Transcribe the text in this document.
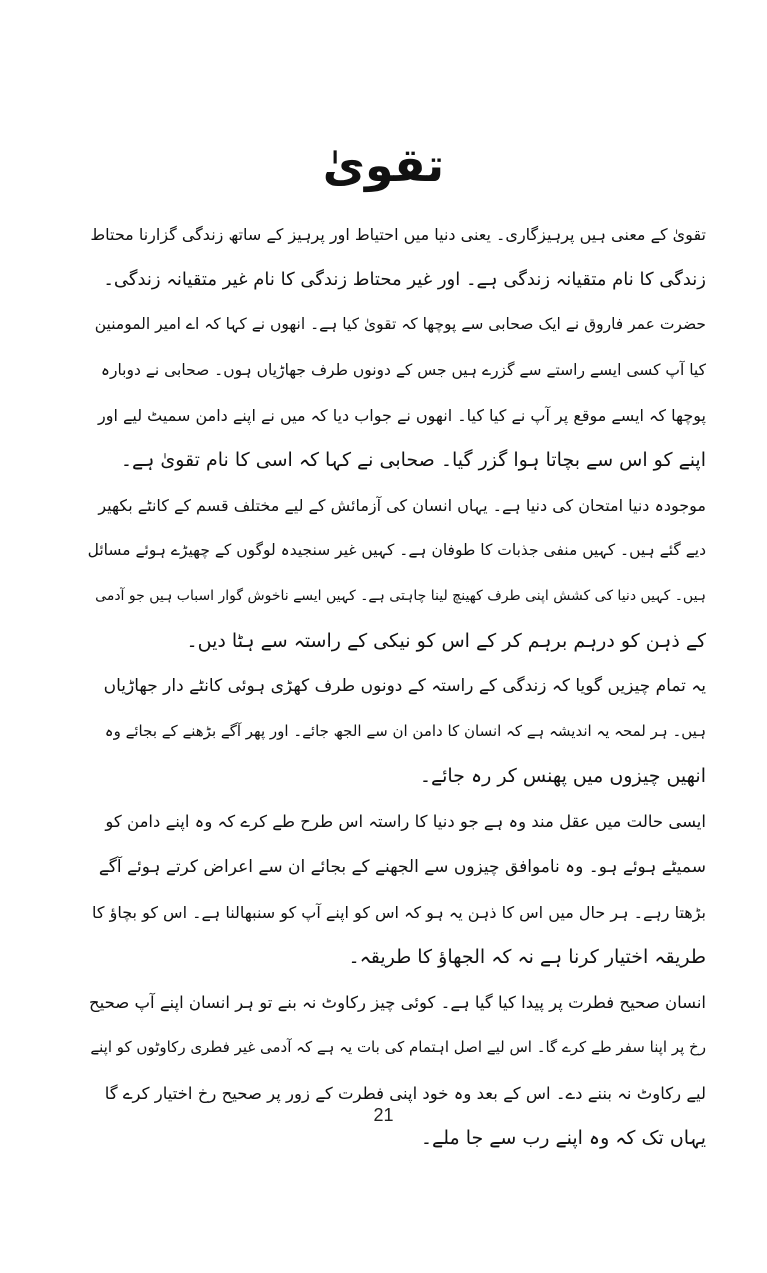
تقویٰ
تقویٰ کے معنی ہیں پرہیزگاری۔ یعنی دنیا میں احتیاط اور پرہیز کے ساتھ زندگی گزارنا محتاط
زندگی کا نام متقیانہ زندگی ہے۔ اور غیر محتاط زندگی کا نام غیر متقیانہ زندگی۔
حضرت عمر فاروق نے ایک صحابی سے پوچھا کہ تقویٰ کیا ہے۔ انھوں نے کہا کہ اے امیر المومنین
کیا آپ کسی ایسے راستے سے گزرے ہیں جس کے دونوں طرف جھاڑیاں ہوں۔ صحابی نے دوبارہ
پوچھا کہ ایسے موقع پر آپ نے کیا کیا۔ انھوں نے جواب دیا کہ میں نے اپنے دامن سمیٹ لیے اور
اپنے کو اس سے بچاتا ہوا گزر گیا۔ صحابی نے کہا کہ اسی کا نام تقویٰ ہے۔
موجودہ دنیا امتحان کی دنیا ہے۔ یہاں انسان کی آزمائش کے لیے مختلف قسم کے کانٹے بکھیر
دیے گئے ہیں۔ کہیں منفی جذبات کا طوفان ہے۔ کہیں غیر سنجیدہ لوگوں کے چھیڑے ہوئے مسائل
ہیں۔ کہیں دنیا کی کشش اپنی طرف کھینچ لینا چاہتی ہے۔ کہیں ایسے ناخوش گوار اسباب ہیں جو آدمی
کے ذہن کو درہم برہم کر کے اس کو نیکی کے راستہ سے ہٹا دیں۔
یہ تمام چیزیں گویا کہ زندگی کے راستہ کے دونوں طرف کھڑی ہوئی کانٹے دار جھاڑیاں
ہیں۔ ہر لمحہ یہ اندیشہ ہے کہ انسان کا دامن ان سے الجھ جائے۔ اور پھر آگے بڑھنے کے بجائے وہ
انھیں چیزوں میں پھنس کر رہ جائے۔
ایسی حالت میں عقل مند وہ ہے جو دنیا کا راستہ اس طرح طے کرے کہ وہ اپنے دامن کو
سمیٹے ہوئے ہو۔ وہ ناموافق چیزوں سے الجھنے کے بجائے ان سے اعراض کرتے ہوئے آگے
بڑھتا رہے۔ ہر حال میں اس کا ذہن یہ ہو کہ اس کو اپنے آپ کو سنبھالنا ہے۔ اس کو بچاؤ کا
طریقہ اختیار کرنا ہے نہ کہ الجھاؤ کا طریقہ۔
انسان صحیح فطرت پر پیدا کیا گیا ہے۔ کوئی چیز رکاوٹ نہ بنے تو ہر انسان اپنے آپ صحیح
رخ پر اپنا سفر طے کرے گا۔ اس لیے اصل اہتمام کی بات یہ ہے کہ آدمی غیر فطری رکاوٹوں کو اپنے
لیے رکاوٹ نہ بننے دے۔ اس کے بعد وہ خود اپنی فطرت کے زور پر صحیح رخ اختیار کرے گا
یہاں تک کہ وہ اپنے رب سے جا ملے۔
21
